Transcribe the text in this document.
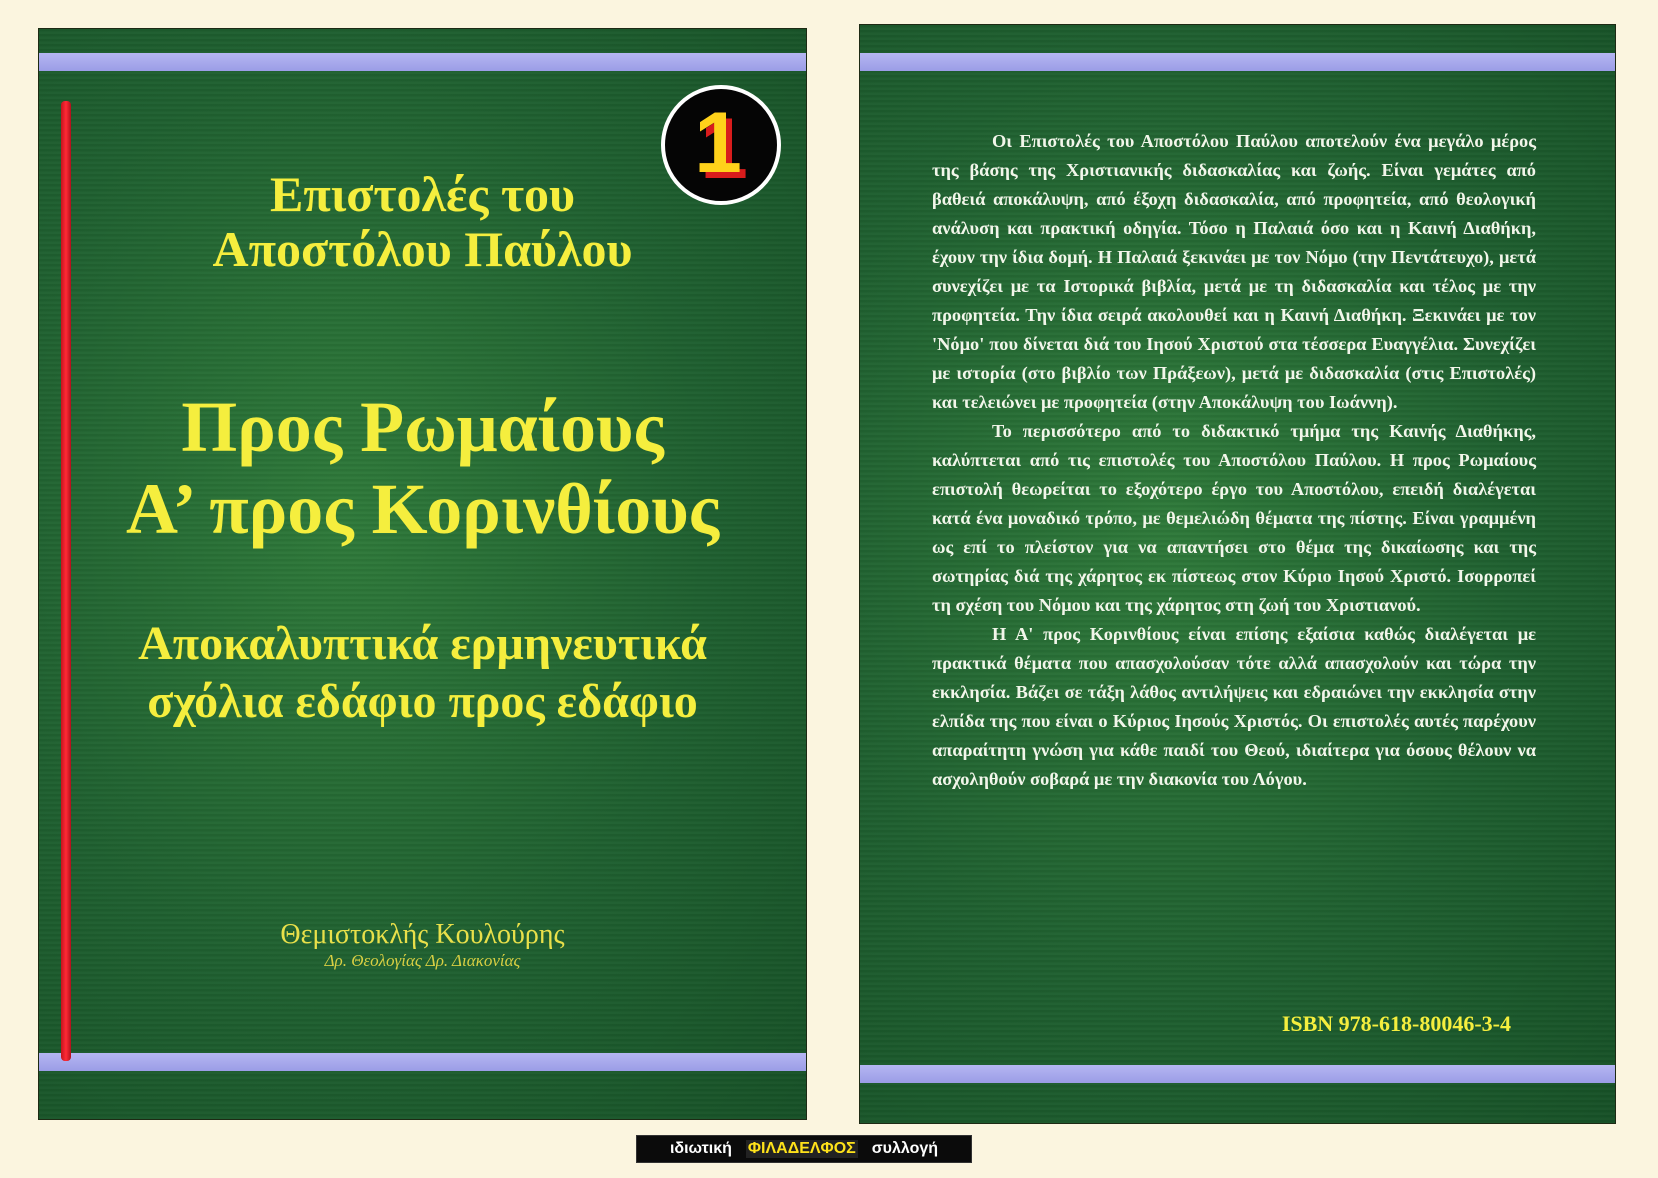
1
Επιστολές του
Αποστόλου Παύλου
Προς Ρωμαίους
Α’ προς Κορινθίους
Αποκαλυπτικά ερμηνευτικά
σχόλια εδάφιο προς εδάφιο
Θεμιστοκλής Κουλούρης
Δρ. Θεολογίας Δρ. Διακονίας

Οι Επιστολές του Αποστόλου Παύλου αποτελούν ένα μεγάλο μέρος της βάσης της Χριστιανικής διδασκαλίας και ζωής. Είναι γεμάτες από βαθειά αποκάλυψη, από έξοχη διδασκαλία, από προφητεία, από θεολογική ανάλυση και πρακτική οδηγία. Τόσο η Παλαιά όσο και η Καινή Διαθήκη, έχουν την ίδια δομή. Η Παλαιά ξεκινάει με τον Νόμο (την Πεντάτευχο), μετά συνεχίζει με τα Ιστορικά βιβλία, μετά με τη διδασκαλία και τέλος με την προφητεία. Την ίδια σειρά ακολουθεί και η Καινή Διαθήκη. Ξεκινάει με τον 'Νόμο' που δίνεται διά του Ιησού Χριστού στα τέσσερα Ευαγγέλια. Συνεχίζει με ιστορία (στο βιβλίο των Πράξεων), μετά με διδασκαλία (στις Επιστολές) και τελειώνει με προφητεία (στην Αποκάλυψη του Ιωάννη).

Το περισσότερο από το διδακτικό τμήμα της Καινής Διαθήκης, καλύπτεται από τις επιστολές του Αποστόλου Παύλου. Η προς Ρωμαίους επιστολή θεωρείται το εξοχότερο έργο του Αποστόλου, επειδή διαλέγεται κατά ένα μοναδικό τρόπο, με θεμελιώδη θέματα της πίστης. Είναι γραμμένη ως επί το πλείστον για να απαντήσει στο θέμα της δικαίωσης και της σωτηρίας διά της χάρητος εκ πίστεως στον Κύριο Ιησού Χριστό. Ισορροπεί τη σχέση του Νόμου και της χάρητος στη ζωή του Χριστιανού.

Η Α' προς Κορινθίους είναι επίσης εξαίσια καθώς διαλέγεται με πρακτικά θέματα που απασχολούσαν τότε αλλά απασχολούν και τώρα την εκκλησία. Βάζει σε τάξη λάθος αντιλήψεις και εδραιώνει την εκκλησία στην ελπίδα της που είναι ο Κύριος Ιησούς Χριστός. Οι επιστολές αυτές παρέχουν απαραίτητη γνώση για κάθε παιδί του Θεού, ιδιαίτερα για όσους θέλουν να ασχοληθούν σοβαρά με την διακονία του Λόγου.

ISBN 978-618-80046-3-4
ιδιωτική ΦΙΛΑΔΕΛΦΟΣ συλλογή
